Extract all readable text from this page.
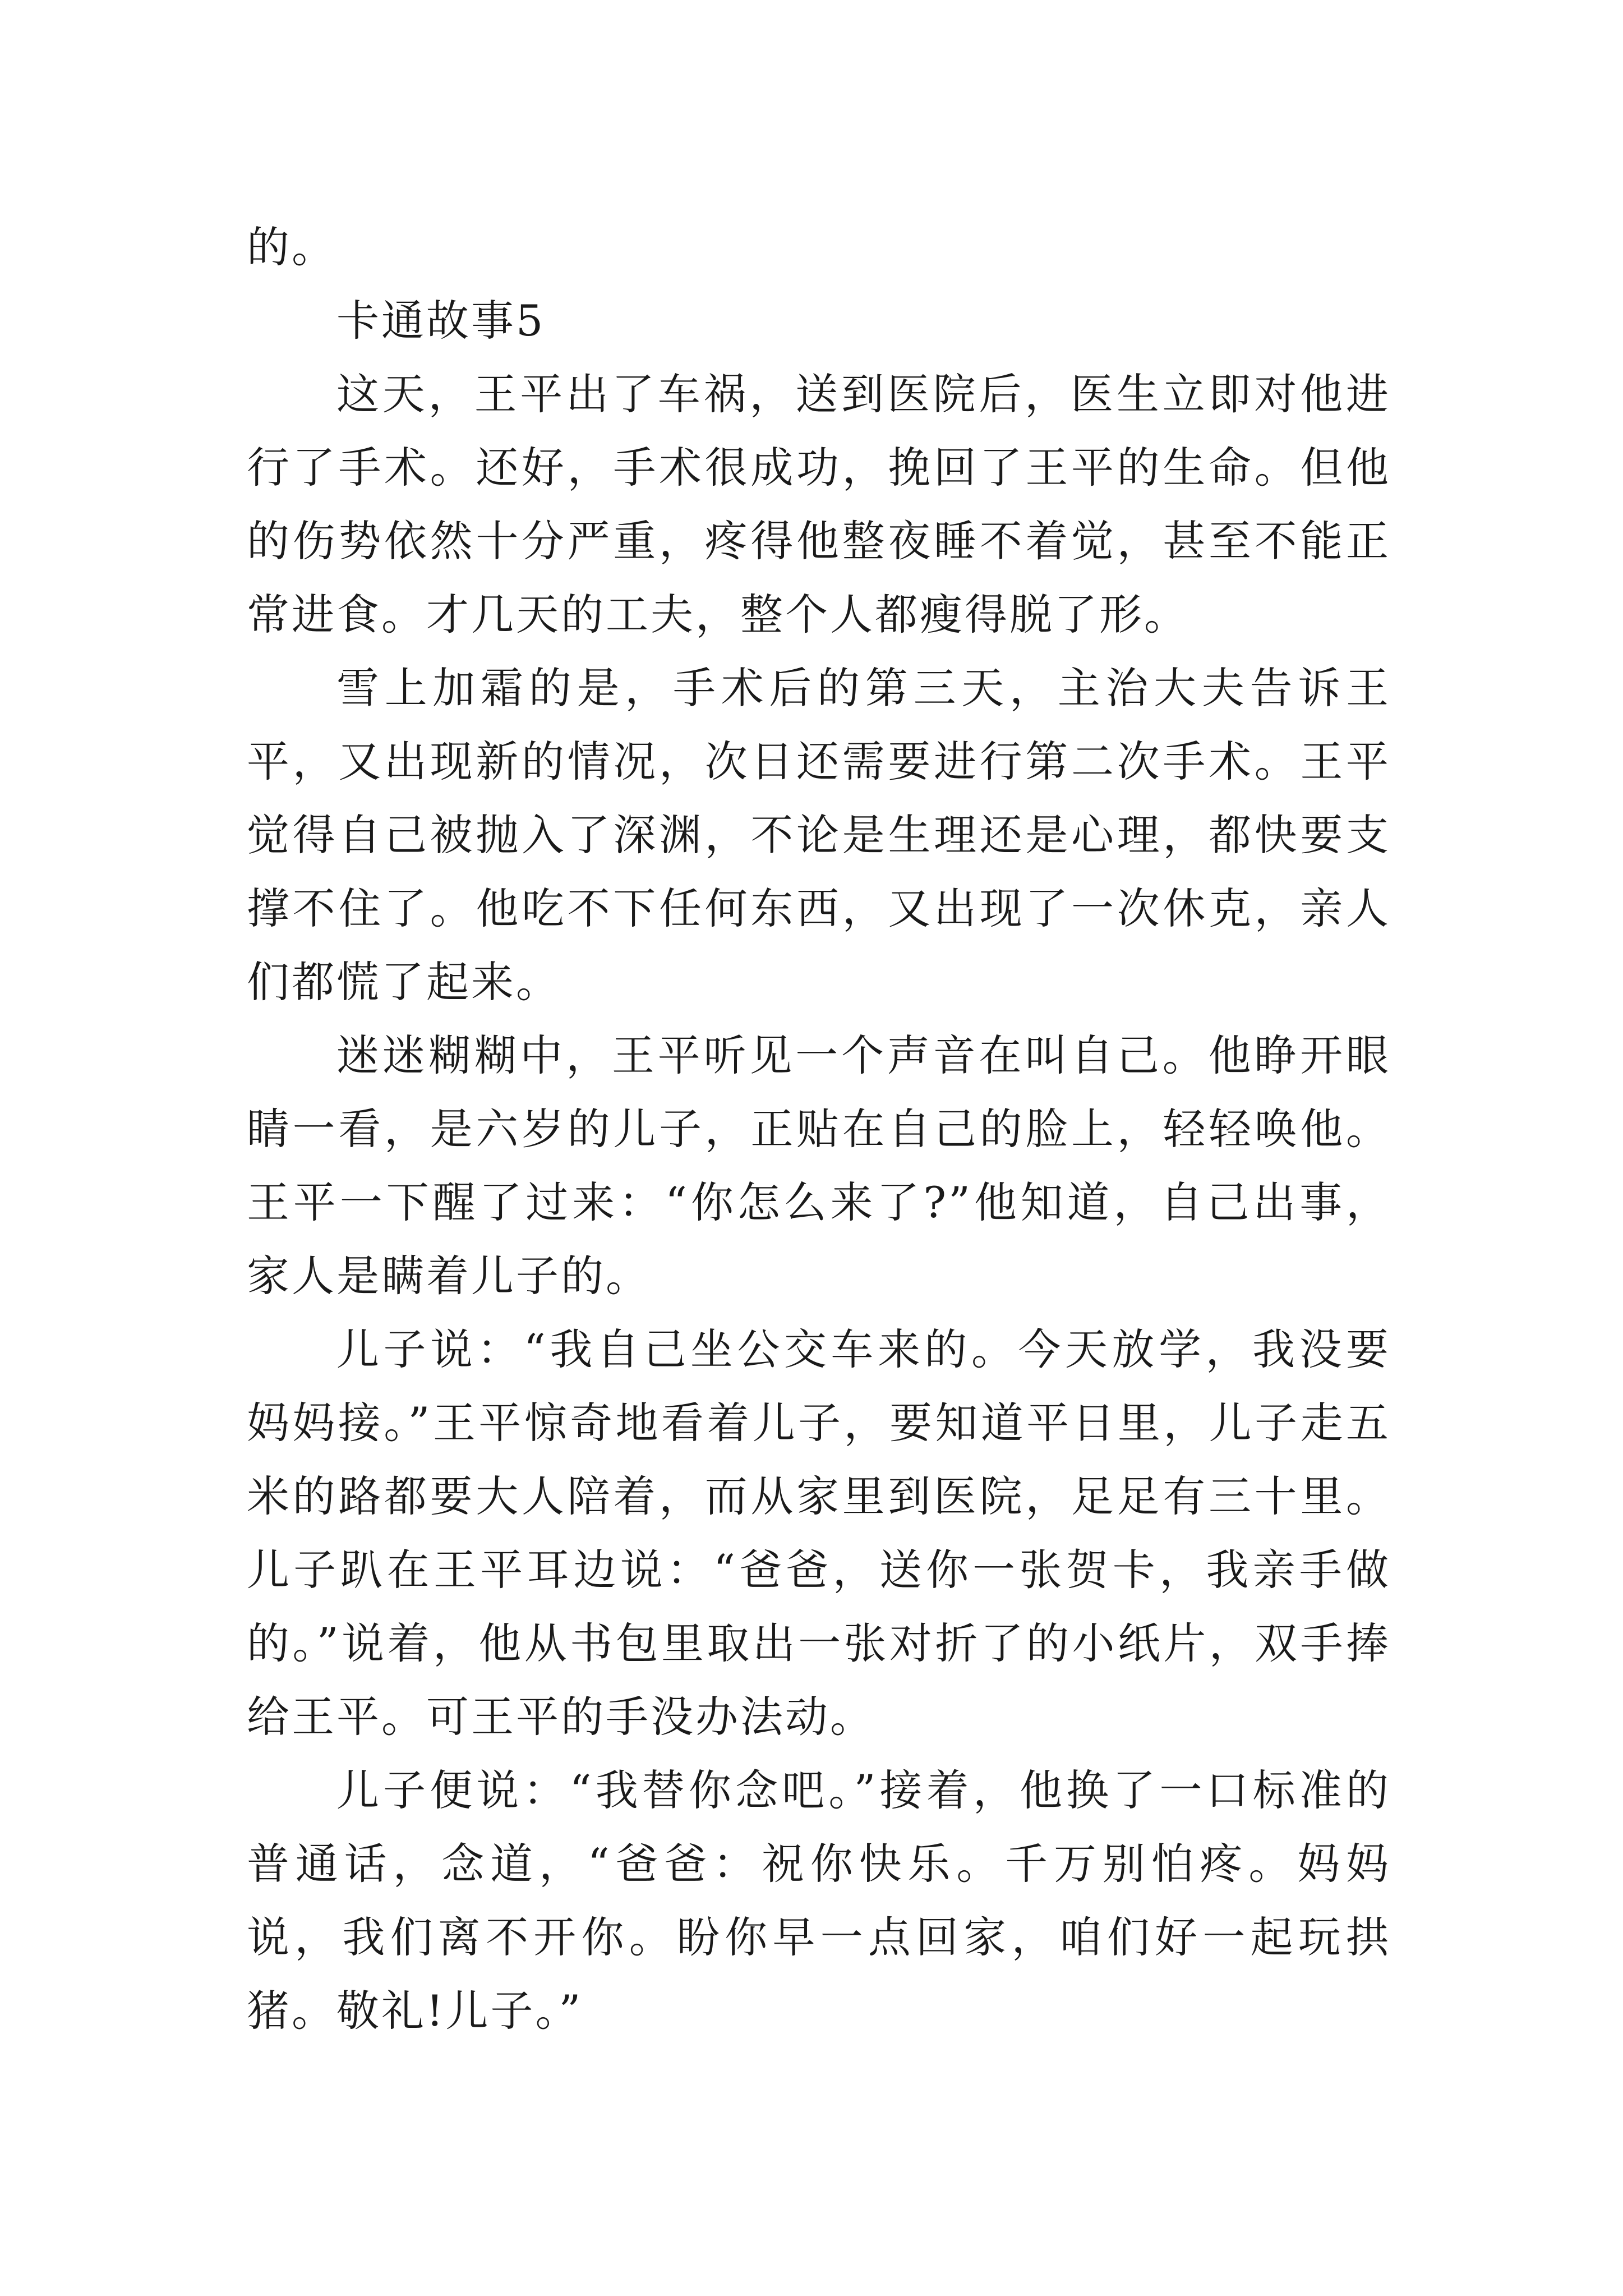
的。

卡通故事5

这天，王平出了车祸，送到医院后，医生立即对他进行了手术。还好，手术很成功，挽回了王平的生命。但他的伤势依然十分严重，疼得他整夜睡不着觉，甚至不能正常进食。才几天的工夫，整个人都瘦得脱了形。

雪上加霜的是，手术后的第三天，主治大夫告诉王平，又出现新的情况，次日还需要进行第二次手术。王平觉得自己被抛入了深渊，不论是生理还是心理，都快要支撑不住了。他吃不下任何东西，又出现了一次休克，亲人们都慌了起来。

迷迷糊糊中，王平听见一个声音在叫自己。他睁开眼睛一看，是六岁的儿子，正贴在自己的脸上，轻轻唤他。王平一下醒了过来：“你怎么来了?”他知道，自己出事，家人是瞒着儿子的。

儿子说：“我自己坐公交车来的。今天放学，我没要妈妈接。”王平惊奇地看着儿子，要知道平日里，儿子走五米的路都要大人陪着，而从家里到医院，足足有三十里。儿子趴在王平耳边说：“爸爸，送你一张贺卡，我亲手做的。”说着，他从书包里取出一张对折了的小纸片，双手捧给王平。可王平的手没办法动。

儿子便说：“我替你念吧。”接着，他换了一口标准的普通话，念道，“爸爸：祝你快乐。千万别怕疼。妈妈说，我们离不开你。盼你早一点回家，咱们好一起玩拱猪。敬礼!儿子。”
